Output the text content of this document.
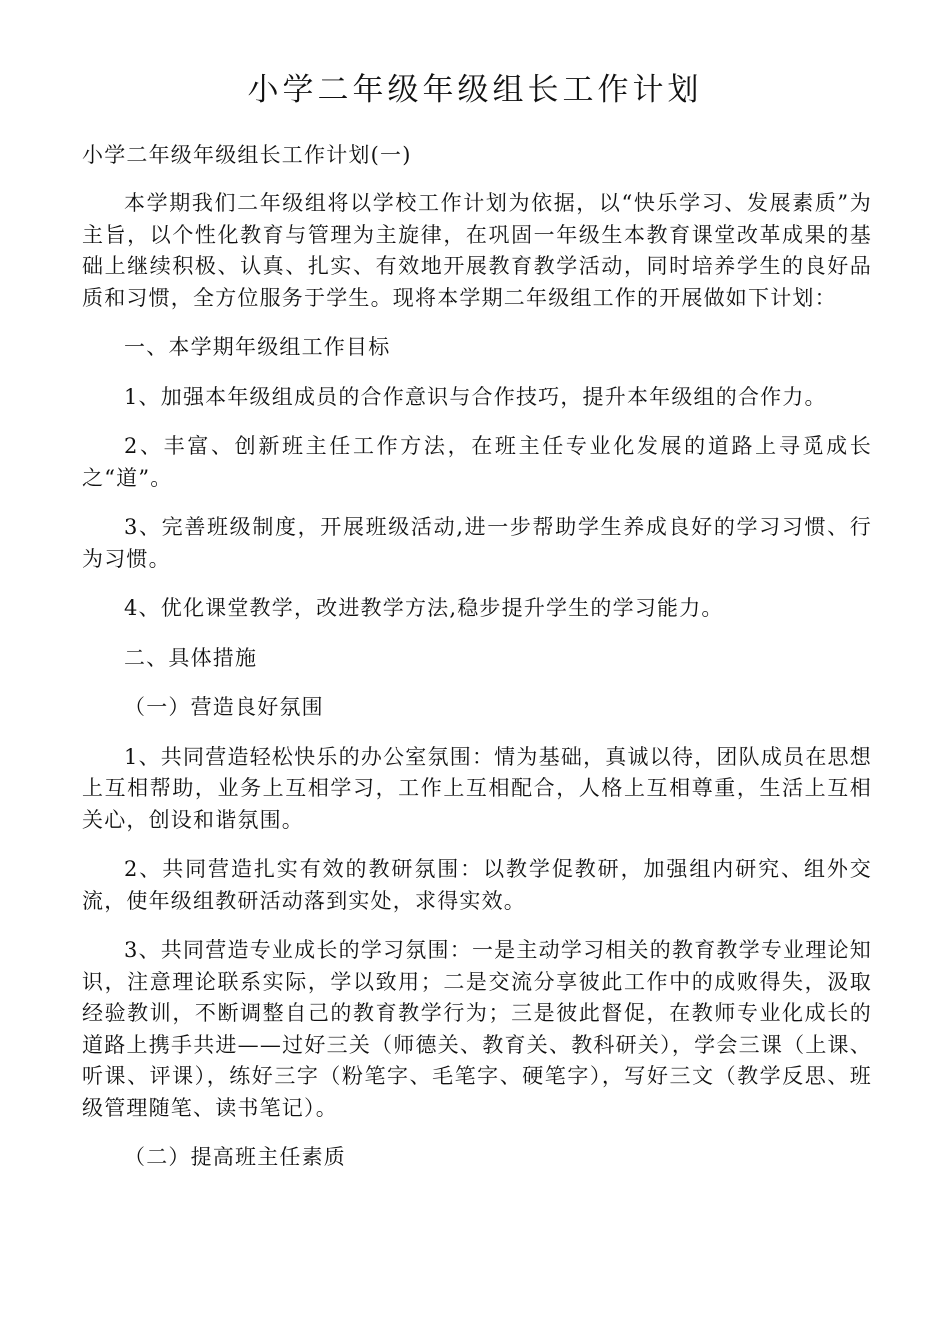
小学二年级年级组长工作计划

小学二年级年级组长工作计划(一)

本学期我们二年级组将以学校工作计划为依据，以“快乐学习、发展素质”为主旨，以个性化教育与管理为主旋律，在巩固一年级生本教育课堂改革成果的基础上继续积极、认真、扎实、有效地开展教育教学活动，同时培养学生的良好品质和习惯，全方位服务于学生。现将本学期二年级组工作的开展做如下计划：

一、本学期年级组工作目标

1、加强本年级组成员的合作意识与合作技巧，提升本年级组的合作力。

2、丰富、创新班主任工作方法，在班主任专业化发展的道路上寻觅成长之“道”。

3、完善班级制度，开展班级活动,进一步帮助学生养成良好的学习习惯、行为习惯。

4、优化课堂教学，改进教学方法,稳步提升学生的学习能力。

二、具体措施

（一）营造良好氛围

1、共同营造轻松快乐的办公室氛围：情为基础，真诚以待，团队成员在思想上互相帮助，业务上互相学习，工作上互相配合，人格上互相尊重，生活上互相关心，创设和谐氛围。

2、共同营造扎实有效的教研氛围：以教学促教研，加强组内研究、组外交流，使年级组教研活动落到实处，求得实效。

3、共同营造专业成长的学习氛围：一是主动学习相关的教育教学专业理论知识，注意理论联系实际，学以致用；二是交流分享彼此工作中的成败得失，汲取经验教训，不断调整自己的教育教学行为；三是彼此督促，在教师专业化成长的道路上携手共进——过好三关（师德关、教育关、教科研关），学会三课（上课、听课、评课），练好三字（粉笔字、毛笔字、硬笔字），写好三文（教学反思、班级管理随笔、读书笔记）。

（二）提高班主任素质
